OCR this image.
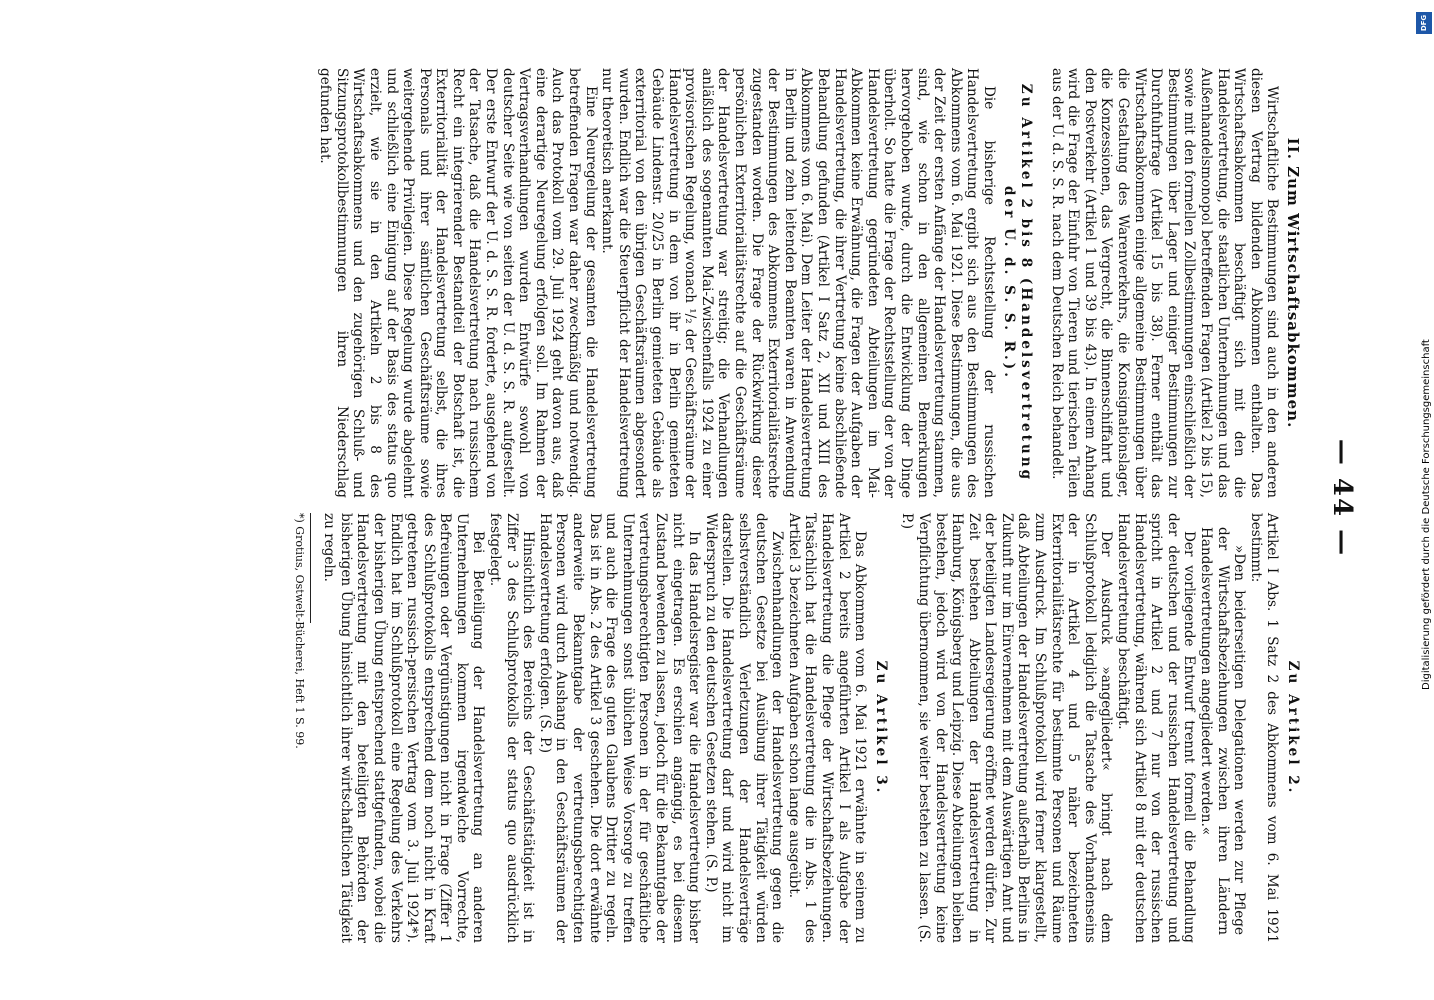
— 44 —
II. Zum Wirtschaftsabkommen.

Wirtschaftliche Bestimmungen sind auch in den anderen diesen Vertrag bildenden Abkommen enthalten. Das Wirtschaftsabkommen beschäftigt sich mit den die Handelsvertretung, die staatlichen Unternehmungen und das Außenhandelsmonopol betreffenden Fragen (Artikel 2 bis 15), sowie mit den formellen Zollbestimmungen einschließlich der Bestimmungen über Lager und einiger Bestimmungen zur Durchfuhrfrage (Artikel 15 bis 38). Ferner enthält das Wirtschaftsabkommen einige allgemeine Bestimmungen über die Gestaltung des Warenverkehrs, die Konsignationslager, die Konzessionen, das Vergrecht, die Binnenschiffahrt und den Postverkehr (Artikel 1 und 39 bis 43). In einem Anhang wird die Frage der Einfuhr von Tieren und tierischen Teilen aus der U. d. S. S. R. nach dem Deutschen Reich behandelt.

Zu Artikel 2 bis 8 (Handelsvertretung der U. d. S. S. R.).

Die bisherige Rechtsstellung der russischen Handelsvertretung ergibt sich aus den Bestimmungen des Abkommens vom 6. Mai 1921. Diese Bestimmungen, die aus der Zeit der ersten Anfänge der Handelsvertretung stammen, sind, wie schon in den allgemeinen Bemerkungen hervorgehoben wurde, durch die Entwicklung der Dinge überholt. So hatte die Frage der Rechtsstellung der von der Handelsvertretung gegründeten Abteilungen im Mai-Abkommen keine Erwähnung, die Fragen der Aufgaben der Handelsvertretung, die ihrer Vertretung keine abschließende Behandlung gefunden (Artikel I Satz 2, XII und XIII des Abkommens vom 6. Mai). Dem Leiter der Handelsvertretung in Berlin und zehn leitenden Beamten waren in Anwendung der Bestimmungen des Abkommens Exterritorialitätsrechte zugestanden worden. Die Frage der Rückwirkung dieser persönlichen Exterritorialitätsrechte auf die Geschäftsräume der Handelsvertretung war streitig; die Verhandlungen anläßlich des sogenannten Mai-Zwischenfalls 1924 zu einer provisorischen Regelung, wonach ¹/₂ der Geschäftsräume der Handelsvertretung in dem von ihr in Berlin gemieteten Gebäude Lindenstr. 20/25 in Berlin gemieteten Gebäude als exterritorial von den übrigen Geschäftsräumen abgesondert wurden. Endlich war die Steuerpflicht der Handelsvertretung nur theoretisch anerkannt.

Eine Neuregelung der gesamten die Handelsvertretung betreffenden Fragen war daher zweckmäßig und notwendig. Auch das Protokoll vom 29. Juli 1924 geht davon aus, daß eine derartige Neuregelung erfolgen soll. Im Rahmen der Vertragsverhandlungen wurden Entwürfe sowohl von deutscher Seite wie von seiten der U. d. S. S. R. aufgestellt. Der erste Entwurf der U. d. S. S. R. forderte, ausgehend von der Tatsache, daß die Handelsvertretung nach russischem Recht ein integrierender Bestandteil der Botschaft ist, die Exterritorialität der Handelsvertretung selbst, die ihres Personals und ihrer sämtlichen Geschäftsräume sowie weitergehende Privilegien. Diese Regelung wurde abgelehnt und schließlich eine Einigung auf der Basis des status quo erzielt, wie sie in den Artikeln 2 bis 8 des Wirtschaftsabkommens und den zugehörigen Schluß- und Sitzungsprotokollbestimmungen ihren Niederschlag gefunden hat.

Zu Artikel 2.

Artikel I Abs. 1 Satz 2 des Abkommens vom 6. Mai 1921 bestimmt:

»Den beiderseitigen Delegationen werden zur Pflege der Wirtschaftsbeziehungen zwischen ihren Ländern Handelsvertretungen angegliedert werden.«

Der vorliegende Entwurf trennt formell die Behandlung der deutschen und der russischen Handelsvertretung und spricht in Artikel 2 und 7 nur von der russischen Handelsvertretung, während sich Artikel 8 mit der deutschen Handelsvertretung beschäftigt.

Der Ausdruck »angegliedert« bringt nach dem Schlußprotokoll lediglich die Tatsache des Vorhandenseins der in Artikel 4 und 5 näher bezeichneten Exterritorialitätsrechte für bestimmte Personen und Räume zum Ausdruck. Im Schlußprotokoll wird ferner klargestellt, daß Abteilungen der Handelsvertretung außerhalb Berlins in Zukunft nur im Einvernehmen mit dem Auswärtigen Amt und der beteiligten Landesregierung eröffnet werden dürfen. Zur Zeit bestehen Abteilungen der Handelsvertretung in Hamburg, Königsberg und Leipzig. Diese Abteilungen bleiben bestehen, jedoch wird von der Handelsvertretung keine Verpflichtung übernommen, sie weiter bestehen zu lassen. (S. P.)

Zu Artikel 3.

Das Abkommen vom 6. Mai 1921 erwähnte in seinem zu Artikel 2 bereits angeführten Artikel I als Aufgabe der Handelsvertretung die Pflege der Wirtschaftsbeziehungen. Tatsächlich hat die Handelsvertretung die in Abs. 1 des Artikel 3 bezeichneten Aufgaben schon lange ausgeübt.

Zwischenhandlungen der Handelsvertretung gegen die deutschen Gesetze bei Ausübung ihrer Tätigkeit würden selbstverständlich Verletzungen der Handelsverträge darstellen. Die Handelsvertretung darf und wird nicht im Widerspruch zu den deutschen Gesetzen stehen. (S. P.)

In das Handelsregister war die Handelsvertretung bisher nicht eingetragen. Es erschien angängig, es bei diesem Zustand bewenden zu lassen, jedoch für die Bekanntgabe der vertretungsberechtigten Personen in der für geschäftliche Unternehmungen sonst üblichen Weise Vorsorge zu treffen und auch die Frage des guten Glaubens Dritter zu regeln. Das ist in Abs. 2 des Artikel 3 geschehen. Die dort erwähnte anderweite Bekanntgabe der vertretungsberechtigten Personen wird durch Aushang in den Geschäftsräumen der Handelsvertretung erfolgen. (S. P.)

Hinsichtlich des Bereichs der Geschäftstätigkeit ist in Ziffer 3 des Schlußprotokolls der status quo ausdrücklich festgelegt.

Bei Beteiligung der Handelsvertretung an anderen Unternehmungen kommen irgendwelche Vorrechte, Befreiungen oder Vergünstigungen nicht in Frage (Ziffer 1 des Schlußprotokolls entsprechend dem noch nicht in Kraft getretenen russisch-persischen Vertrag vom 3. Juli 1924*). Endlich hat im Schlußprotokoll eine Regelung des Verkehrs der bisherigen Übung entsprechend stattgefunden, wobei die Handelsvertretung mit den beteiligten Behörden der bisherigen Übung hinsichtlich ihrer wirtschaftlichen Tätigkeit zu regeln.

*) Grotius, Ostwelt-Bücherei, Heft 1 S. 99.

DFG
Digitalisierung gefördert durch die Deutsche Forschungsgemeinschaft
